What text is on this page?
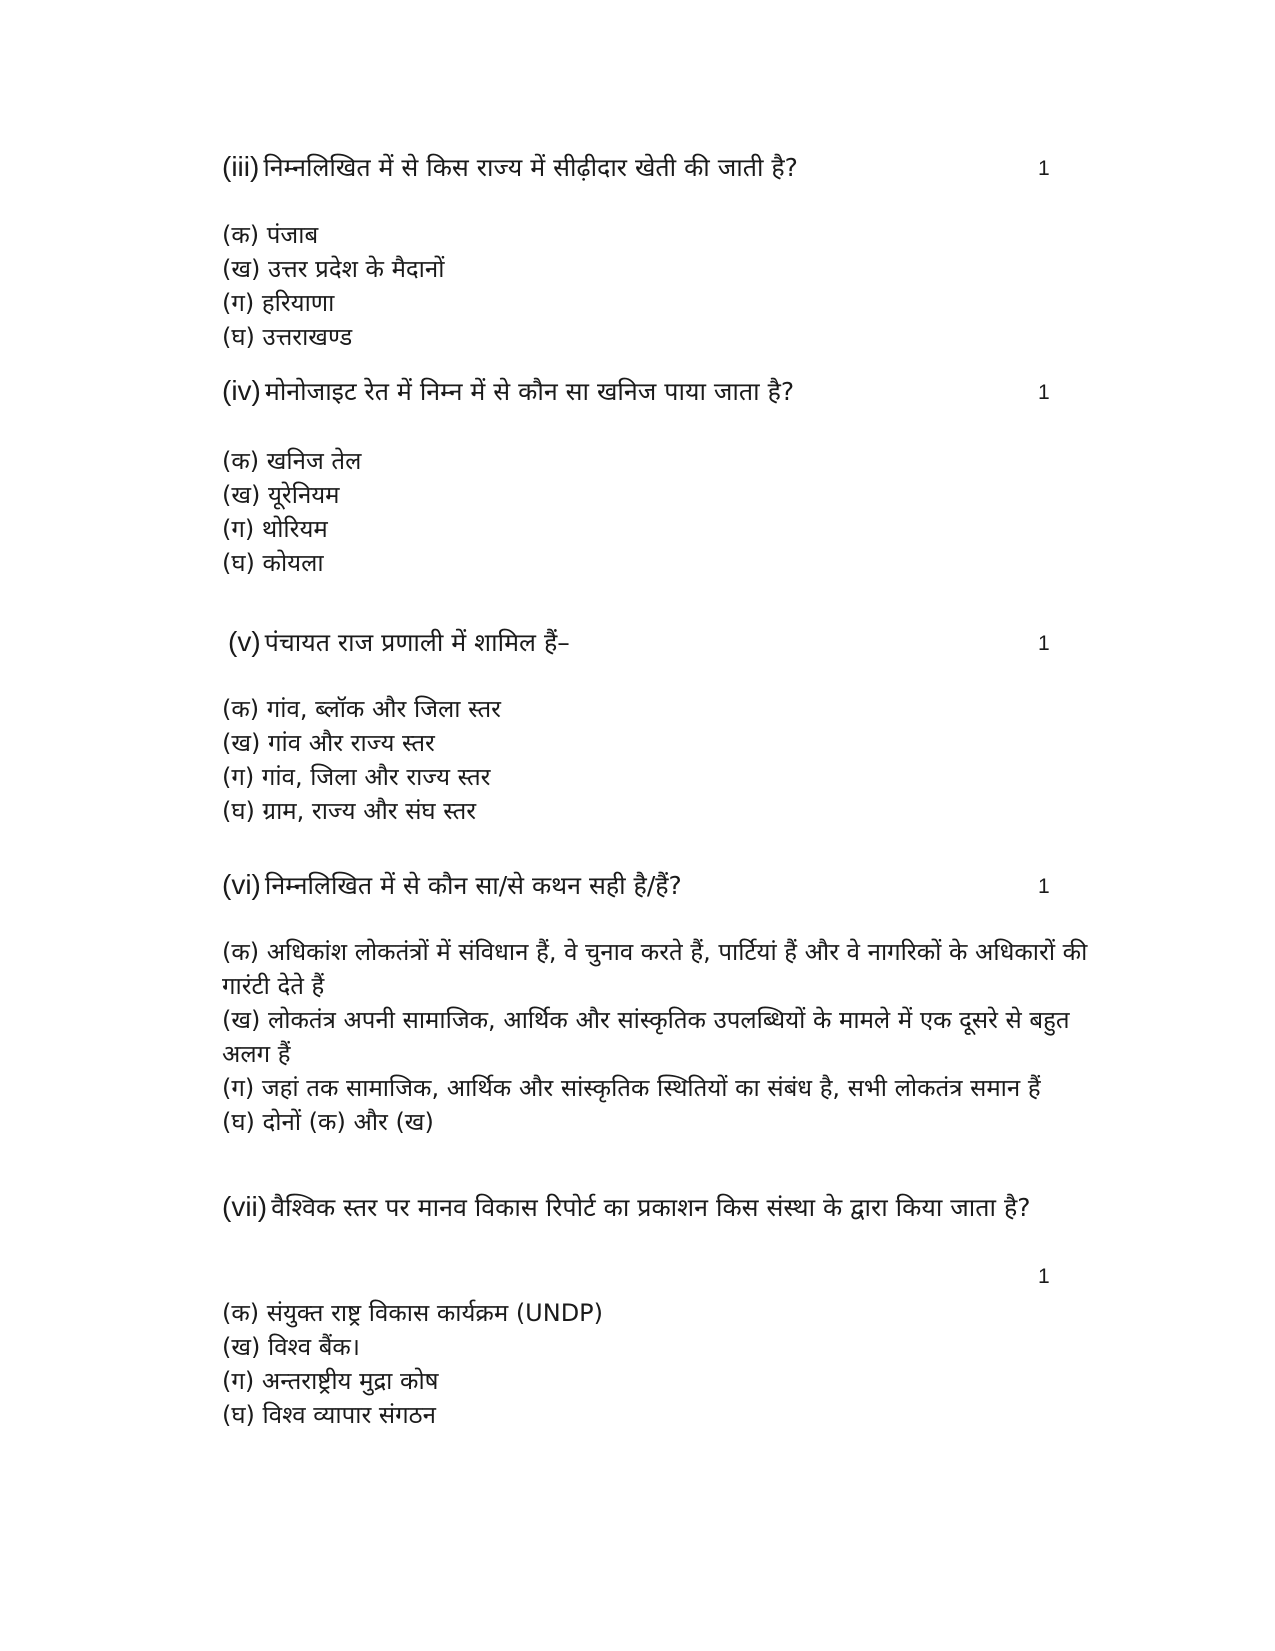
(iii) निम्नलिखित में से किस राज्य में सीढ़ीदार खेती की जाती है?	1
(क) पंजाब
(ख) उत्तर प्रदेश के मैदानों
(ग) हरियाणा
(घ) उत्तराखण्ड
(iv) मोनोजाइट रेत में निम्न में से कौन सा खनिज पाया जाता है?	1
(क) खनिज तेल
(ख) यूरेनियम
(ग) थोरियम
(घ) कोयला
(v) पंचायत राज प्रणाली में शामिल हैं–	1
(क) गांव, ब्लॉक और जिला स्तर
(ख) गांव और राज्य स्तर
(ग) गांव, जिला और राज्य स्तर
(घ) ग्राम, राज्य और संघ स्तर
(vi) निम्नलिखित में से कौन सा/से कथन सही है/हैं?	1
(क) अधिकांश लोकतंत्रों में संविधान हैं, वे चुनाव करते हैं, पार्टियां हैं और वे नागरिकों के अधिकारों की गारंटी देते हैं
(ख) लोकतंत्र अपनी सामाजिक, आर्थिक और सांस्कृतिक उपलब्धियों के मामले में एक दूसरे से बहुत अलग हैं
(ग) जहां तक सामाजिक, आर्थिक और सांस्कृतिक स्थितियों का संबंध है, सभी लोकतंत्र समान हैं
(घ) दोनों (क) और (ख)
(vii) वैश्विक स्तर पर मानव विकास रिपोर्ट का प्रकाशन किस संस्था के द्वारा किया जाता है?
1
(क) संयुक्त राष्ट्र विकास कार्यक्रम (UNDP)
(ख) विश्व बैंक।
(ग) अन्तराष्ट्रीय मुद्रा कोष
(घ) विश्व व्यापार संगठन
